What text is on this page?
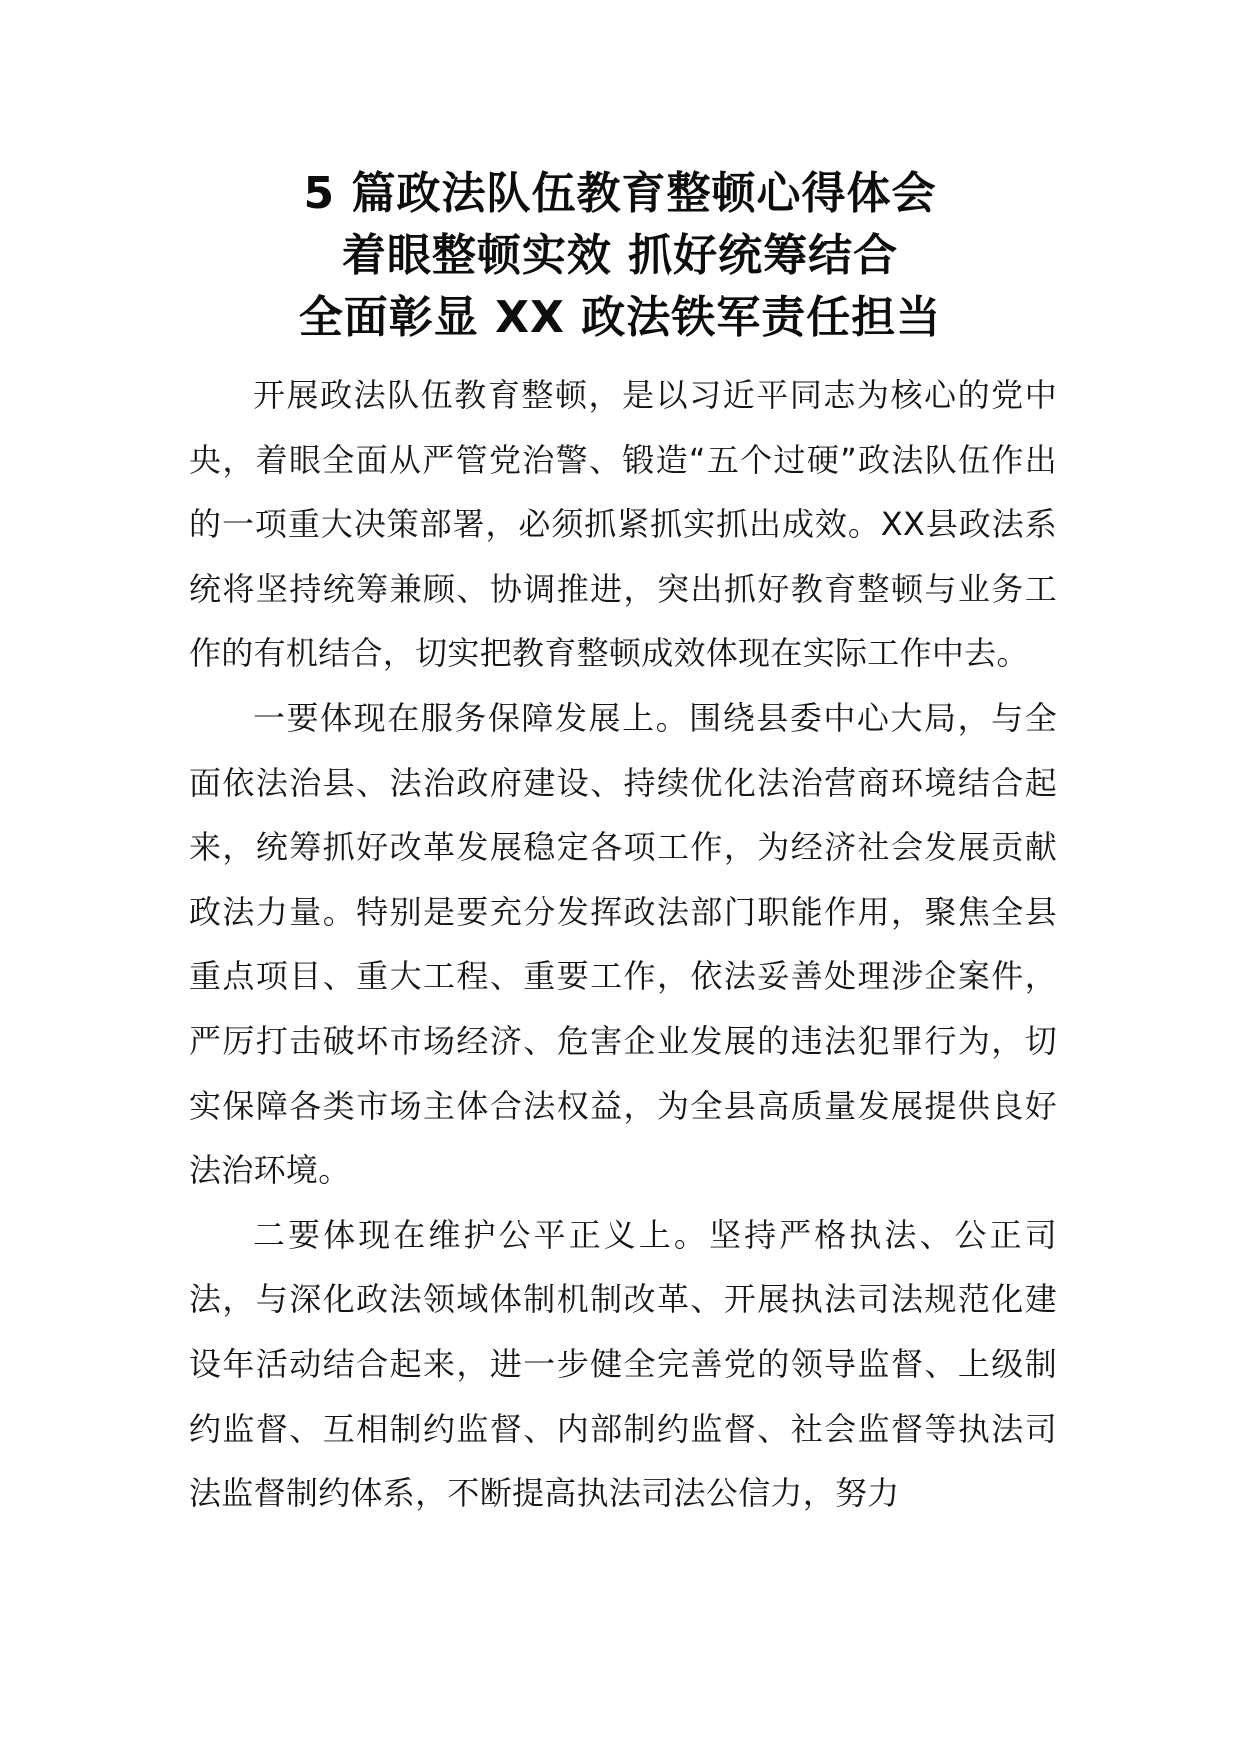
5 篇政法队伍教育整顿心得体会
着眼整顿实效 抓好统筹结合
全面彰显 XX 政法铁军责任担当

开展政法队伍教育整顿，是以习近平同志为核心的党中央，着眼全面从严管党治警、锻造“五个过硬”政法队伍作出的一项重大决策部署，必须抓紧抓实抓出成效。XX县政法系统将坚持统筹兼顾、协调推进，突出抓好教育整顿与业务工作的有机结合，切实把教育整顿成效体现在实际工作中去。

一要体现在服务保障发展上。围绕县委中心大局，与全面依法治县、法治政府建设、持续优化法治营商环境结合起来，统筹抓好改革发展稳定各项工作，为经济社会发展贡献政法力量。特别是要充分发挥政法部门职能作用，聚焦全县重点项目、重大工程、重要工作，依法妥善处理涉企案件，严厉打击破坏市场经济、危害企业发展的违法犯罪行为，切实保障各类市场主体合法权益，为全县高质量发展提供良好法治环境。

二要体现在维护公平正义上。坚持严格执法、公正司法，与深化政法领域体制机制改革、开展执法司法规范化建设年活动结合起来，进一步健全完善党的领导监督、上级制约监督、互相制约监督、内部制约监督、社会监督等执法司法监督制约体系，不断提高执法司法公信力，努力
